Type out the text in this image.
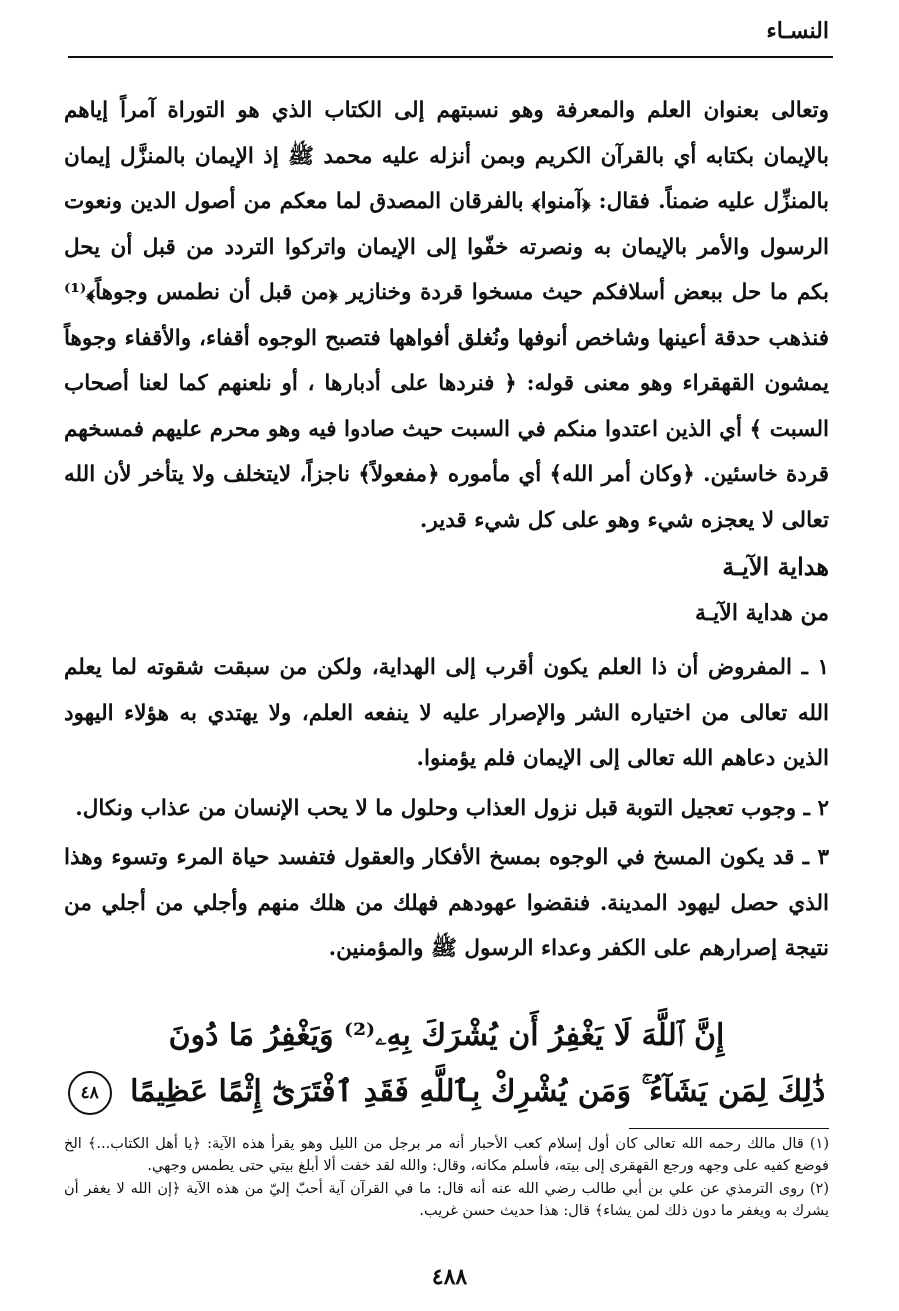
النسـاء

وتعالى بعنوان العلم والمعرفة وهو نسبتهم إلى الكتاب الذي هو التوراة آمراً إياهم بالإيمان بكتابه أي بالقرآن الكريم وبمن أنزله عليه محمد ﷺ إذ الإيمان بالمنزَّل إيمان بالمنزِّل عليه ضمناً. فقال: ﴿آمنوا﴾ بالفرقان المصدق لما معكم من أصول الدين ونعوت الرسول والأمر بالإيمان به ونصرته خفّوا إلى الإيمان واتركوا التردد من قبل أن يحل بكم ما حل ببعض أسلافكم حيث مسخوا قردة وخنازير ﴿من قبل أن نطمس وجوهاً﴾⁽¹⁾ فنذهب حدقة أعينها وشاخص أنوفها ونُغلق أفواهها فتصبح الوجوه أقفاء، والأقفاء وجوهاً يمشون القهقراء وهو معنى قوله: ﴿ فنردها على أدبارها ، أو نلعنهم كما لعنا أصحاب السبت ﴾ أي الذين اعتدوا منكم في السبت حيث صادوا فيه وهو محرم عليهم فمسخهم قردة خاسئين. ﴿وكان أمر الله﴾ أي مأموره ﴿مفعولاً﴾ ناجزاً، لايتخلف ولا يتأخر لأن الله تعالى لا يعجزه شيء وهو على كل شيء قدير.

هداية الآيـة
من هداية الآيـة
١ ـ المفروض أن ذا العلم يكون أقرب إلى الهداية، ولكن من سبقت شقوته لما يعلم الله تعالى من اختياره الشر والإصرار عليه لا ينفعه العلم، ولا يهتدي به هؤلاء اليهود الذين دعاهم الله تعالى إلى الإيمان فلم يؤمنوا.
٢ ـ وجوب تعجيل التوبة قبل نزول العذاب وحلول ما لا يحب الإنسان من عذاب ونكال.
٣ ـ قد يكون المسخ في الوجوه بمسخ الأفكار والعقول فتفسد حياة المرء وتسوء وهذا الذي حصل ليهود المدينة. فنقضوا عهودهم فهلك من هلك منهم وأجلي من أجلي من نتيجة إصرارهم على الكفر وعداء الرسول ﷺ والمؤمنين.
إِنَّ ٱللَّهَ لَا يَغْفِرُ أَن يُشْرَكَ بِهِۦ⁽²⁾ وَيَغْفِرُ مَا دُونَ
ذَٰلِكَ لِمَن يَشَآءُ ۚ وَمَن يُشْرِكْ بِٱللَّهِ فَقَدِ ٱفْتَرَىٰٓ إِثْمًا عَظِيمًا ٤٨

(١) قال مالك رحمه الله تعالى كان أول إسلام كعب الأحبار أنه مر برجل من الليل وهو يقرأ هذه الآية: ﴿يا أهل الكتاب...﴾ الخ فوضع كفيه على وجهه ورجع القهقرى إلى بيته، فأسلم مكانه، وقال: والله لقد خفت ألا أبلغ بيتي حتى يطمس وجهي.

(٢) روى الترمذي عن علي بن أبي طالب رضي الله عنه أنه قال: ما في القرآن آية أحبّ إليّ من هذه الآية ﴿إن الله لا يغفر أن يشرك به ويغفر ما دون ذلك لمن يشاء﴾ قال: هذا حديث حسن غريب.

٤٨٨
